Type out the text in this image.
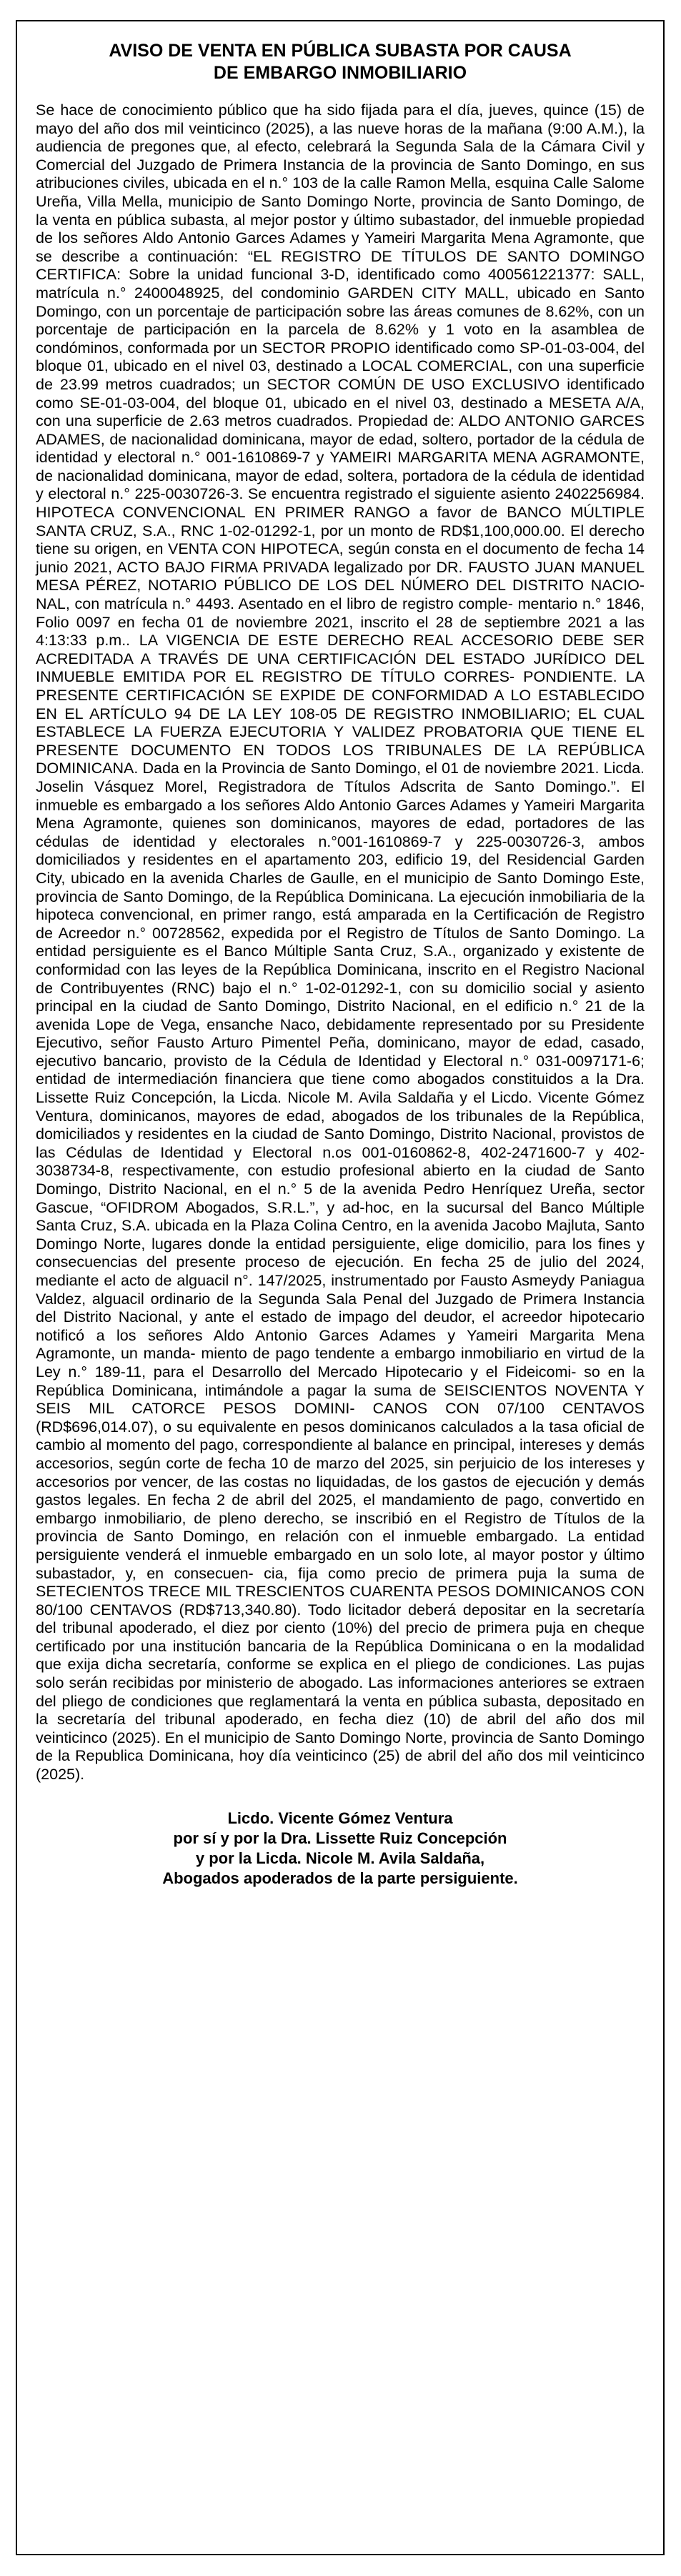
AVISO DE VENTA EN PÚBLICA SUBASTA POR CAUSA
DE EMBARGO INMOBILIARIO

Se hace de conocimiento público que ha sido fijada para el día, jueves, quince (15) de mayo del año dos mil veinticinco (2025), a las nueve horas de la mañana (9:00 A.M.), la audiencia de pregones que, al efecto, celebrará la Segunda Sala de la Cámara Civil y Comercial del Juzgado de Primera Instancia de la provincia de Santo Domingo, en sus atribuciones civiles, ubicada en el n.° 103 de la calle Ramon Mella, esquina Calle Salome Ureña, Villa Mella, municipio de Santo Domingo Norte, provincia de Santo Domingo, de la venta en pública subasta, al mejor postor y último subastador, del inmueble propiedad de los señores Aldo Antonio Garces Adames y Yameiri Margarita Mena Agramonte, que se describe a continuación: “EL REGISTRO DE TÍTULOS DE SANTO DOMINGO CERTIFICA: Sobre la unidad funcional 3-D, identificado como 400561221377: SALL, matrícula n.° 2400048925, del condominio GARDEN CITY MALL, ubicado en Santo Domingo, con un porcentaje de participación sobre las áreas comunes de 8.62%, con un porcentaje de participación en la parcela de 8.62% y 1 voto en la asamblea de condóminos, conformada por un SECTOR PROPIO identificado como SP-01-03-004, del bloque 01, ubicado en el nivel 03, destinado a LOCAL COMERCIAL, con una superficie de 23.99 metros cuadrados; un SECTOR COMÚN DE USO EXCLUSIVO identificado como SE-01-03-004, del bloque 01, ubicado en el nivel 03, destinado a MESETA A/A, con una superficie de 2.63 metros cuadrados. Propiedad de: ALDO ANTONIO GARCES ADAMES, de nacionalidad dominicana, mayor de edad, soltero, portador de la cédula de identidad y electoral n.° 001-1610869-7 y YAMEIRI MARGARITA MENA AGRAMONTE, de nacionalidad dominicana, mayor de edad, soltera, portadora de la cédula de identidad y electoral n.° 225-0030726-3. Se encuentra registrado el siguiente asiento 2402256984. HIPOTECA CONVENCIONAL EN PRIMER RANGO a favor de BANCO MÚLTIPLE SANTA CRUZ, S.A., RNC 1-02-01292-1, por un monto de RD$1,100,000.00. El derecho tiene su origen, en VENTA CON HIPOTECA, según consta en el documento de fecha 14 junio 2021, ACTO BAJO FIRMA PRIVADA legalizado por DR. FAUSTO JUAN MANUEL MESA PÉREZ, NOTARIO PÚBLICO DE LOS DEL NÚMERO DEL DISTRITO NACIO- NAL, con matrícula n.° 4493. Asentado en el libro de registro comple- mentario n.° 1846, Folio 0097 en fecha 01 de noviembre 2021, inscrito el 28 de septiembre 2021 a las 4:13:33 p.m.. LA VIGENCIA DE ESTE DERECHO REAL ACCESORIO DEBE SER ACREDITADA A TRAVÉS DE UNA CERTIFICACIÓN DEL ESTADO JURÍDICO DEL INMUEBLE EMITIDA POR EL REGISTRO DE TÍTULO CORRES- PONDIENTE. LA PRESENTE CERTIFICACIÓN SE EXPIDE DE CONFORMIDAD A LO ESTABLECIDO EN EL ARTÍCULO 94 DE LA LEY 108-05 DE REGISTRO INMOBILIARIO; EL CUAL ESTABLECE LA FUERZA EJECUTORIA Y VALIDEZ PROBATORIA QUE TIENE EL PRESENTE DOCUMENTO EN TODOS LOS TRIBUNALES DE LA REPÚBLICA DOMINICANA. Dada en la Provincia de Santo Domingo, el 01 de noviembre 2021. Licda. Joselin Vásquez Morel, Registradora de Títulos Adscrita de Santo Domingo.”. El inmueble es embargado a los señores Aldo Antonio Garces Adames y Yameiri Margarita Mena Agramonte, quienes son dominicanos, mayores de edad, portadores de las cédulas de identidad y electorales n.°001-1610869-7 y 225-0030726-3, ambos domiciliados y residentes en el apartamento 203, edificio 19, del Residencial Garden City, ubicado en la avenida Charles de Gaulle, en el municipio de Santo Domingo Este, provincia de Santo Domingo, de la República Dominicana. La ejecución inmobiliaria de la hipoteca convencional, en primer rango, está amparada en la Certificación de Registro de Acreedor n.° 00728562, expedida por el Registro de Títulos de Santo Domingo. La entidad persiguiente es el Banco Múltiple Santa Cruz, S.A., organizado y existente de conformidad con las leyes de la República Dominicana, inscrito en el Registro Nacional de Contribuyentes (RNC) bajo el n.° 1-02-01292-1, con su domicilio social y asiento principal en la ciudad de Santo Domingo, Distrito Nacional, en el edificio n.° 21 de la avenida Lope de Vega, ensanche Naco, debidamente representado por su Presidente Ejecutivo, señor Fausto Arturo Pimentel Peña, dominicano, mayor de edad, casado, ejecutivo bancario, provisto de la Cédula de Identidad y Electoral n.° 031-0097171-6; entidad de intermediación financiera que tiene como abogados constituidos a la Dra. Lissette Ruiz Concepción, la Licda. Nicole M. Avila Saldaña y el Licdo. Vicente Gómez Ventura, dominicanos, mayores de edad, abogados de los tribunales de la República, domiciliados y residentes en la ciudad de Santo Domingo, Distrito Nacional, provistos de las Cédulas de Identidad y Electoral n.os 001-0160862-8, 402-2471600-7 y 402-3038734-8, respectivamente, con estudio profesional abierto en la ciudad de Santo Domingo, Distrito Nacional, en el n.° 5 de la avenida Pedro Henríquez Ureña, sector Gascue, “OFIDROM Abogados, S.R.L.”, y ad-hoc, en la sucursal del Banco Múltiple Santa Cruz, S.A. ubicada en la Plaza Colina Centro, en la avenida Jacobo Majluta, Santo Domingo Norte, lugares donde la entidad persiguiente, elige domicilio, para los fines y consecuencias del presente proceso de ejecución. En fecha 25 de julio del 2024, mediante el acto de alguacil n°. 147/2025, instrumentado por Fausto Asmeydy Paniagua Valdez, alguacil ordinario de la Segunda Sala Penal del Juzgado de Primera Instancia del Distrito Nacional, y ante el estado de impago del deudor, el acreedor hipotecario notificó a los señores Aldo Antonio Garces Adames y Yameiri Margarita Mena Agramonte, un manda- miento de pago tendente a embargo inmobiliario en virtud de la Ley n.° 189-11, para el Desarrollo del Mercado Hipotecario y el Fideicomi- so en la República Dominicana, intimándole a pagar la suma de SEISCIENTOS NOVENTA Y SEIS MIL CATORCE PESOS DOMINI- CANOS CON 07/100 CENTAVOS (RD$696,014.07), o su equivalente en pesos dominicanos calculados a la tasa oficial de cambio al momento del pago, correspondiente al balance en principal, intereses y demás accesorios, según corte de fecha 10 de marzo del 2025, sin perjuicio de los intereses y accesorios por vencer, de las costas no liquidadas, de los gastos de ejecución y demás gastos legales. En fecha 2 de abril del 2025, el mandamiento de pago, convertido en embargo inmobiliario, de pleno derecho, se inscribió en el Registro de Títulos de la provincia de Santo Domingo, en relación con el inmueble embargado. La entidad persiguiente venderá el inmueble embargado en un solo lote, al mayor postor y último subastador, y, en consecuen- cia, fija como precio de primera puja la suma de SETECIENTOS TRECE MIL TRESCIENTOS CUARENTA PESOS DOMINICANOS CON 80/100 CENTAVOS (RD$713,340.80). Todo licitador deberá depositar en la secretaría del tribunal apoderado, el diez por ciento (10%) del precio de primera puja en cheque certificado por una institución bancaria de la República Dominicana o en la modalidad que exija dicha secretaría, conforme se explica en el pliego de condiciones. Las pujas solo serán recibidas por ministerio de abogado. Las informaciones anteriores se extraen del pliego de condiciones que reglamentará la venta en pública subasta, depositado en la secretaría del tribunal apoderado, en fecha diez (10) de abril del año dos mil veinticinco (2025). En el municipio de Santo Domingo Norte, provincia de Santo Domingo de la Republica Dominicana, hoy día veinticinco (25) de abril del año dos mil veinticinco (2025).

Licdo. Vicente Gómez Ventura
por sí y por la Dra. Lissette Ruiz Concepción
y por la Licda. Nicole M. Avila Saldaña,
Abogados apoderados de la parte persiguiente.
